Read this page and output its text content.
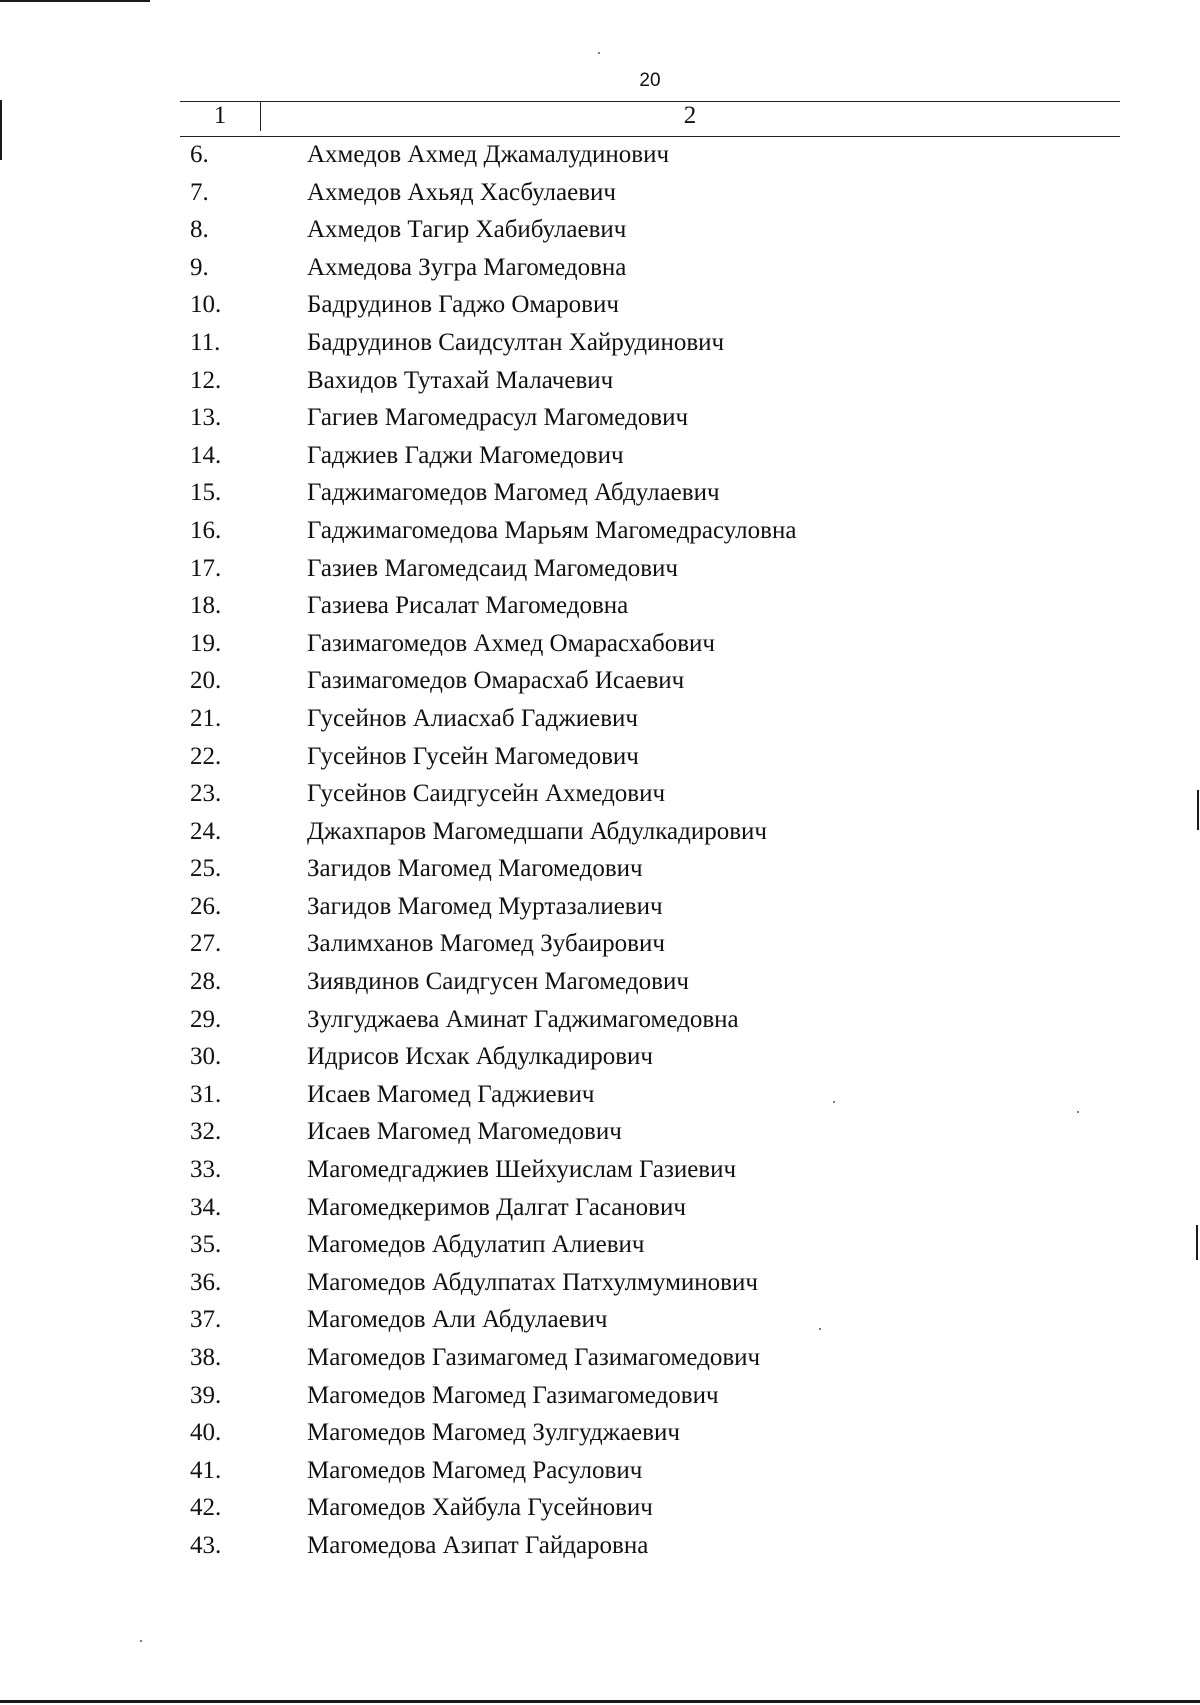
20
1	2
6.	Ахмедов Ахмед Джамалудинович
7.	Ахмедов Ахьяд Хасбулаевич
8.	Ахмедов Тагир Хабибулаевич
9.	Ахмедова Зугра Магомедовна
10.	Бадрудинов Гаджо Омарович
11.	Бадрудинов Саидсултан Хайрудинович
12.	Вахидов Тутахай Малачевич
13.	Гагиев Магомедрасул Магомедович
14.	Гаджиев Гаджи Магомедович
15.	Гаджимагомедов Магомед Абдулаевич
16.	Гаджимагомедова Марьям Магомедрасуловна
17.	Газиев Магомедсаид Магомедович
18.	Газиева Рисалат Магомедовна
19.	Газимагомедов Ахмед Омарасхабович
20.	Газимагомедов Омарасхаб Исаевич
21.	Гусейнов Алиасхаб Гаджиевич
22.	Гусейнов Гусейн Магомедович
23.	Гусейнов Саидгусейн Ахмедович
24.	Джахпаров Магомедшапи Абдулкадирович
25.	Загидов Магомед Магомедович
26.	Загидов Магомед Муртазалиевич
27.	Залимханов Магомед Зубаирович
28.	Зиявдинов Саидгусен Магомедович
29.	Зулгуджаева Аминат Гаджимагомедовна
30.	Идрисов Исхак Абдулкадирович
31.	Исаев Магомед Гаджиевич
32.	Исаев Магомед Магомедович
33.	Магомедгаджиев Шейхуислам Газиевич
34.	Магомедкеримов Далгат Гасанович
35.	Магомедов Абдулатип Алиевич
36.	Магомедов Абдулпатах Патхулмуминович
37.	Магомедов Али Абдулаевич
38.	Магомедов Газимагомед Газимагомедович
39.	Магомедов Магомед Газимагомедович
40.	Магомедов Магомед Зулгуджаевич
41.	Магомедов Магомед Расулович
42.	Магомедов Хайбула Гусейнович
43.	Магомедова Азипат Гайдаровна
